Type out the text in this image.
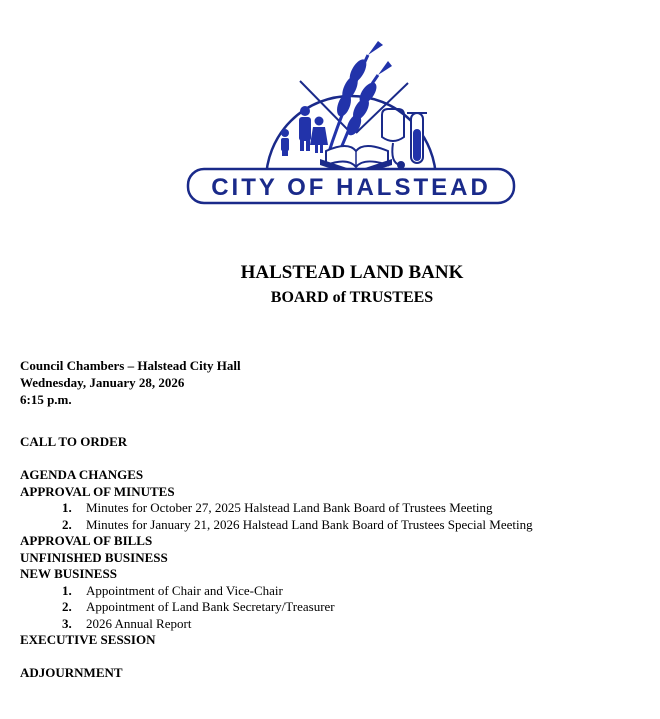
CITY OF HALSTEAD
HALSTEAD LAND BANK
BOARD of TRUSTEES
Council Chambers – Halstead City Hall
Wednesday, January 28, 2026
6:15 p.m.
CALL TO ORDER
AGENDA CHANGES
APPROVAL OF MINUTES
1. Minutes for October 27, 2025 Halstead Land Bank Board of Trustees Meeting
2. Minutes for January 21, 2026 Halstead Land Bank Board of Trustees Special Meeting
APPROVAL OF BILLS
UNFINISHED BUSINESS
NEW BUSINESS
1. Appointment of Chair and Vice-Chair
2. Appointment of Land Bank Secretary/Treasurer
3. 2026 Annual Report
EXECUTIVE SESSION
ADJOURNMENT
